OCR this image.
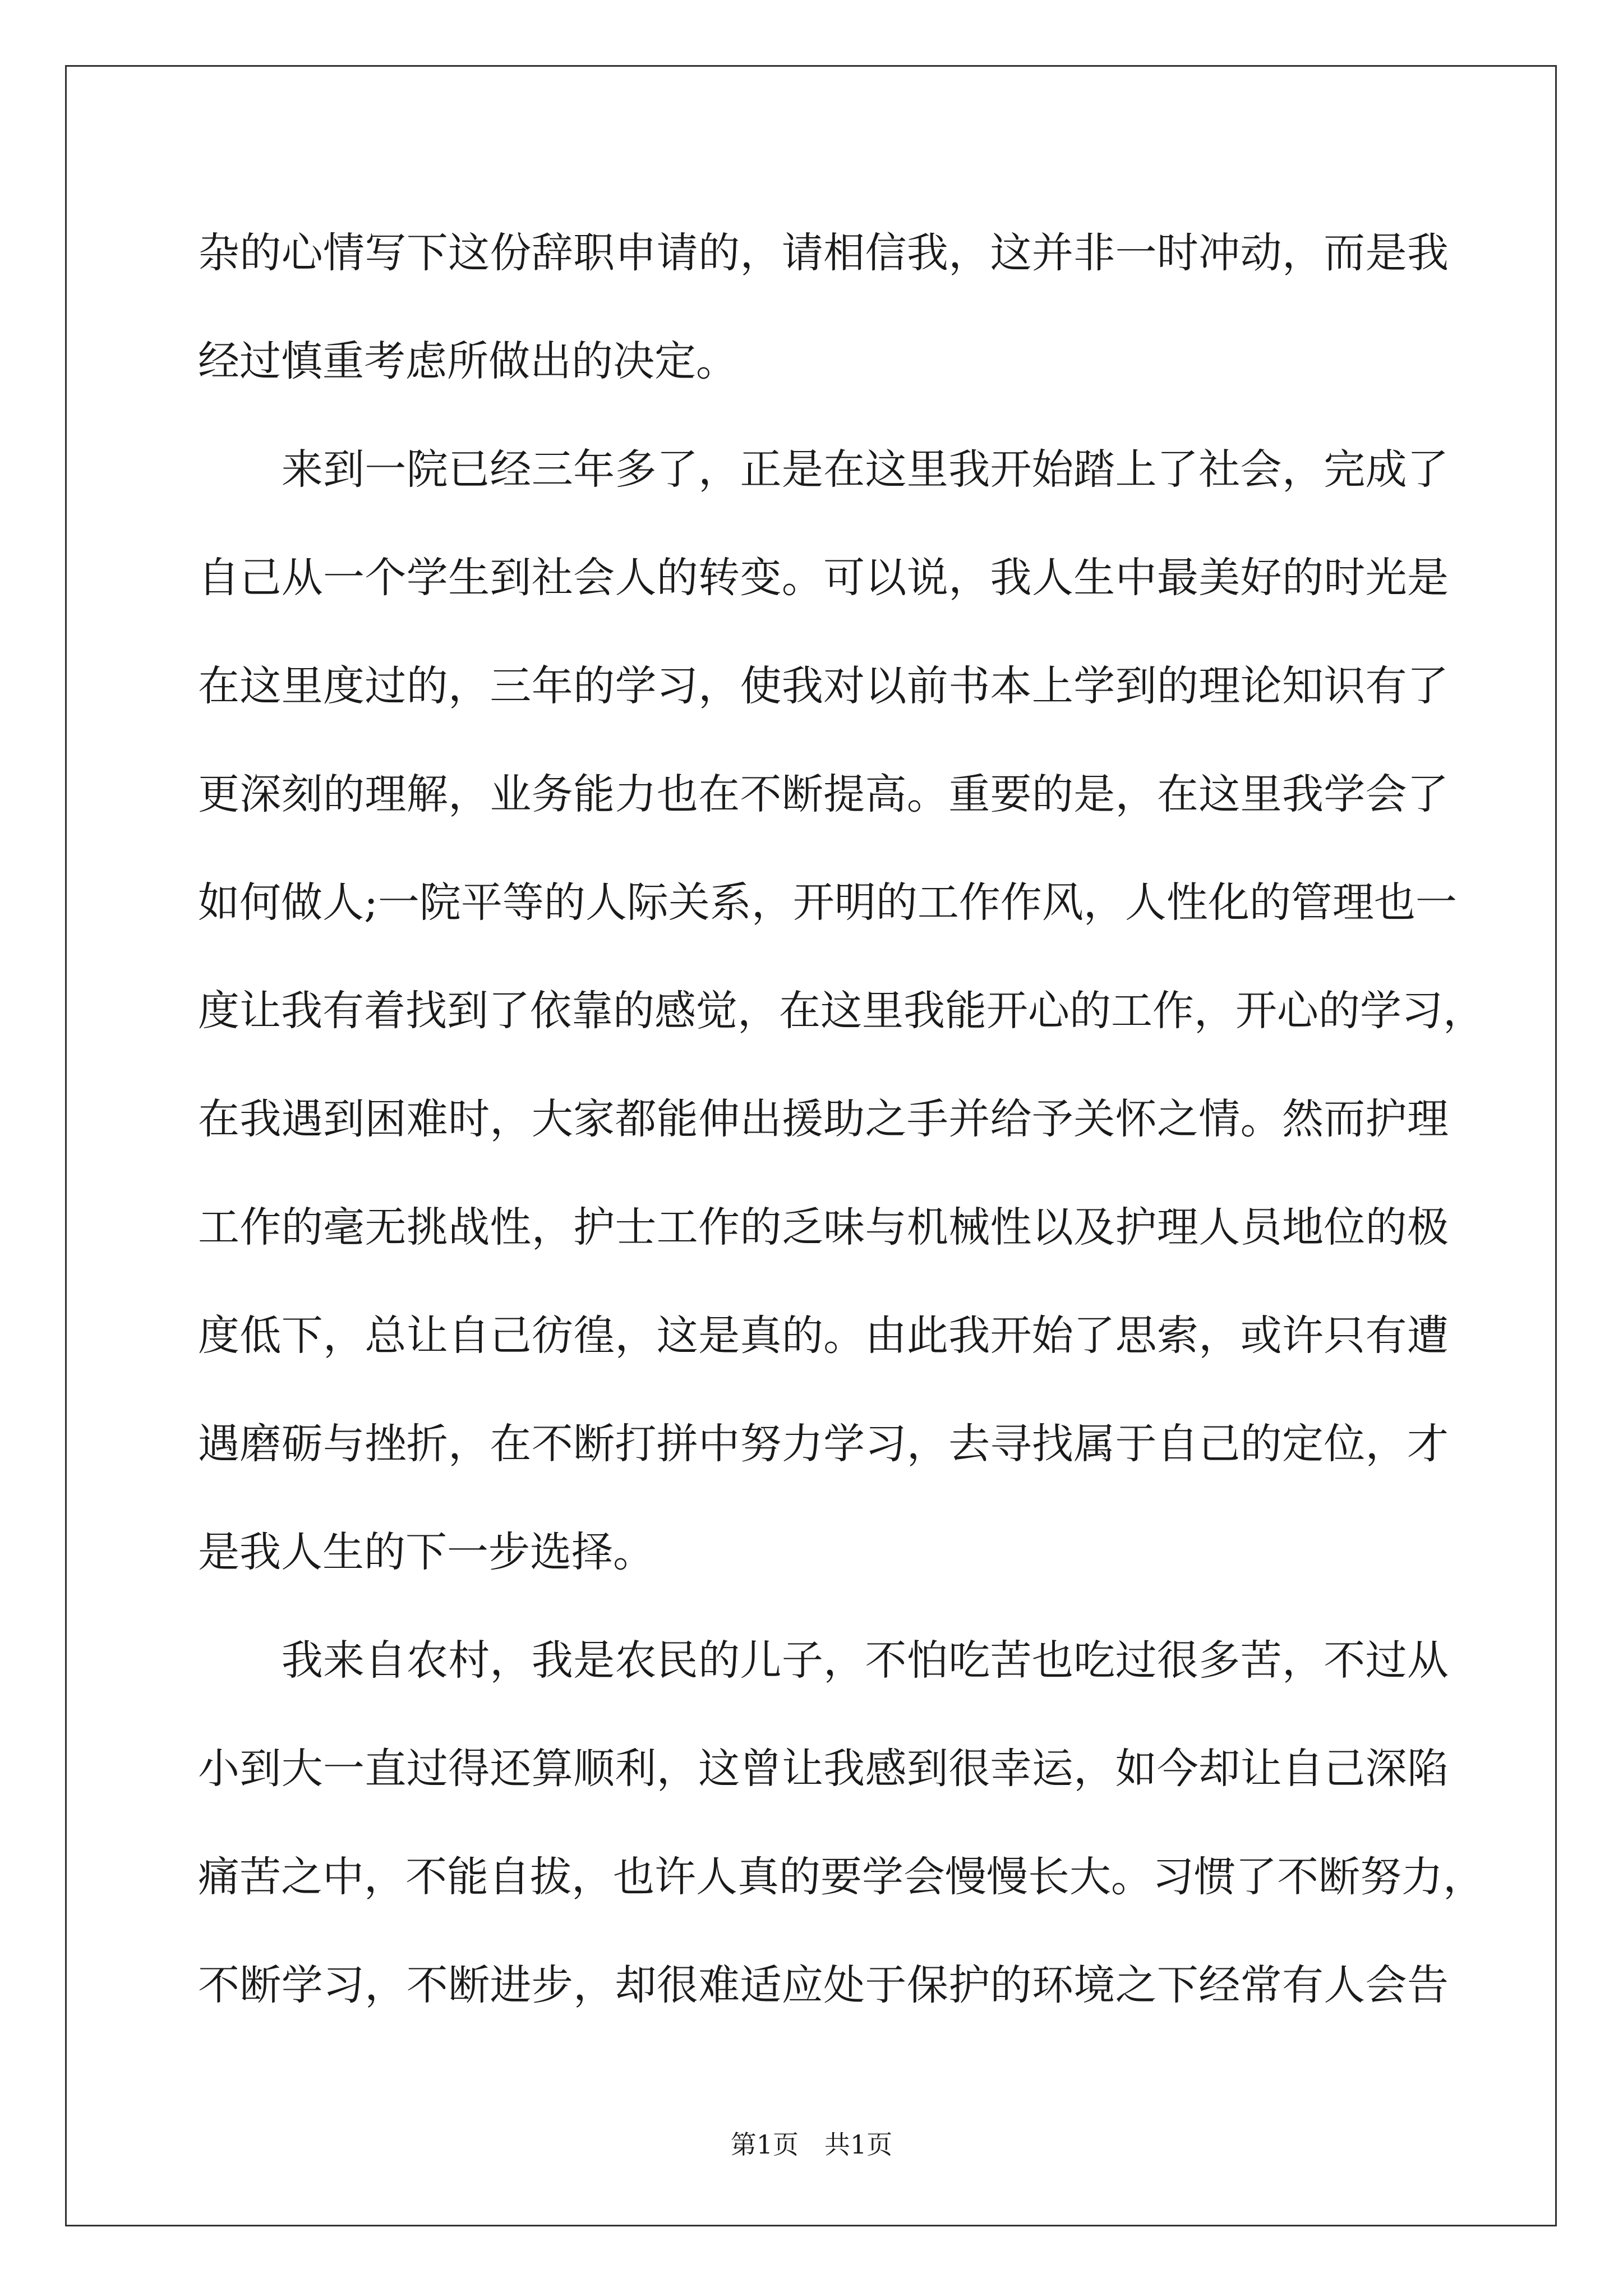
杂的心情写下这份辞职申请的，请相信我，这并非一时冲动，而是我
经过慎重考虑所做出的决定。
　　来到一院已经三年多了，正是在这里我开始踏上了社会，完成了
自己从一个学生到社会人的转变。可以说，我人生中最美好的时光是
在这里度过的，三年的学习，使我对以前书本上学到的理论知识有了
更深刻的理解，业务能力也在不断提高。重要的是，在这里我学会了
如何做人;一院平等的人际关系，开明的工作作风，人性化的管理也一
度让我有着找到了依靠的感觉，在这里我能开心的工作，开心的学习，
在我遇到困难时，大家都能伸出援助之手并给予关怀之情。然而护理
工作的毫无挑战性，护士工作的乏味与机械性以及护理人员地位的极
度低下，总让自己彷徨，这是真的。由此我开始了思索，或许只有遭
遇磨砺与挫折，在不断打拼中努力学习，去寻找属于自己的定位，才
是我人生的下一步选择。
　　我来自农村，我是农民的儿子，不怕吃苦也吃过很多苦，不过从
小到大一直过得还算顺利，这曾让我感到很幸运，如今却让自己深陷
痛苦之中，不能自拔，也许人真的要学会慢慢长大。习惯了不断努力，
不断学习，不断进步，却很难适应处于保护的环境之下经常有人会告
第1页　共1页
